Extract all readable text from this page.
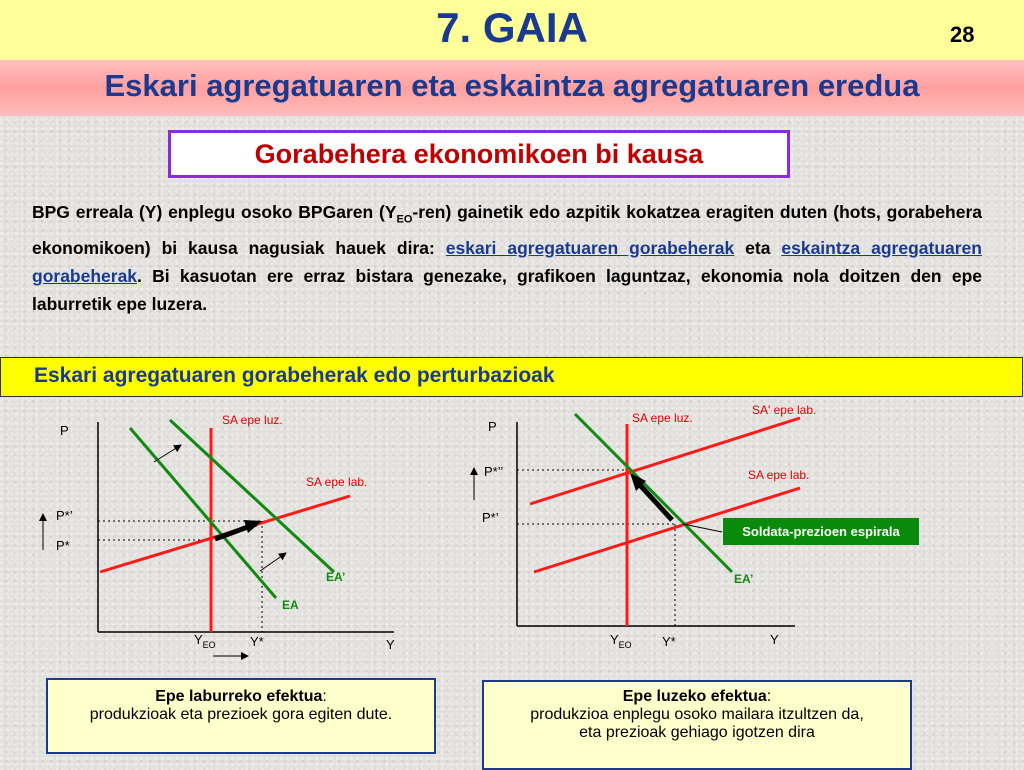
7. GAIA	28
Eskari agregatuaren eta eskaintza agregatuaren eredua
Gorabehera ekonomikoen bi kausa
BPG erreala (Y) enplegu osoko BPGaren $(Y_{EO}-ren)$ gainetik edo azpitik kokatzea eragiten duten (hots, gorabehera ekonomikoen) bi kausa nagusiak hauek dira: eskari agregatuaren gorabeherak eta eskaintza agregatuaren gorabeherak. Bi kasuotan ere erraz bistara genezake, grafikoen laguntzaz, ekonomia nola doitzen den epe laburretik epe luzera.
Eskari agregatuaren gorabeherak edo perturbazioak
P
Y
P*’
P*
$Y_{EO}$	Y*
SA epe luz.
SA epe lab.
EA’
EA
Soldata-prezioen espirala
P
Y
P*’’
P*’
$Y_{EO}$ Y*
SA epe luz.
SA' epe lab.
SA epe lab.
EA’
Epe laburreko efektua:
produkzioak eta prezioek gora egiten dute.
Epe luzeko efektua:
produkzioa enplegu osoko mailara itzultzen da,
eta prezioak gehiago igotzen dira
